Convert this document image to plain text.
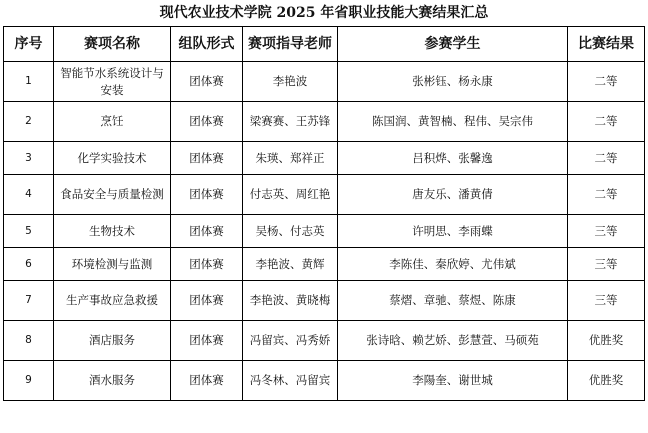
现代农业技术学院 2025 年省职业技能大赛结果汇总
序号	赛项名称	组队形式	赛项指导老师	参赛学生	比赛结果
1	智能节水系统设计与安装	团体赛	李艳波	张彬钰、杨永康	二等
2	烹饪	团体赛	梁赛赛、王苏锋	陈国润、黄智楠、程伟、吴宗伟	二等
3	化学实验技术	团体赛	朱瑛、郑祥正	吕积烨、张馨逸	二等
4	食品安全与质量检测	团体赛	付志英、周红艳	唐友乐、潘黄倩	二等
5	生物技术	团体赛	吴杨、付志英	许明思、李雨蝶	三等
6	环境检测与监测	团体赛	李艳波、黄辉	李陈佳、秦欣婷、尤伟斌	三等
7	生产事故应急救援	团体赛	李艳波、黄晓梅	蔡熠、章驰、蔡煜、陈康	三等
8	酒店服务	团体赛	冯留宾、冯秀娇	张诗晗、赖艺娇、彭慧萱、马硕苑	优胜奖
9	酒水服务	团体赛	冯冬林、冯留宾	李陽奎、谢世城	优胜奖
